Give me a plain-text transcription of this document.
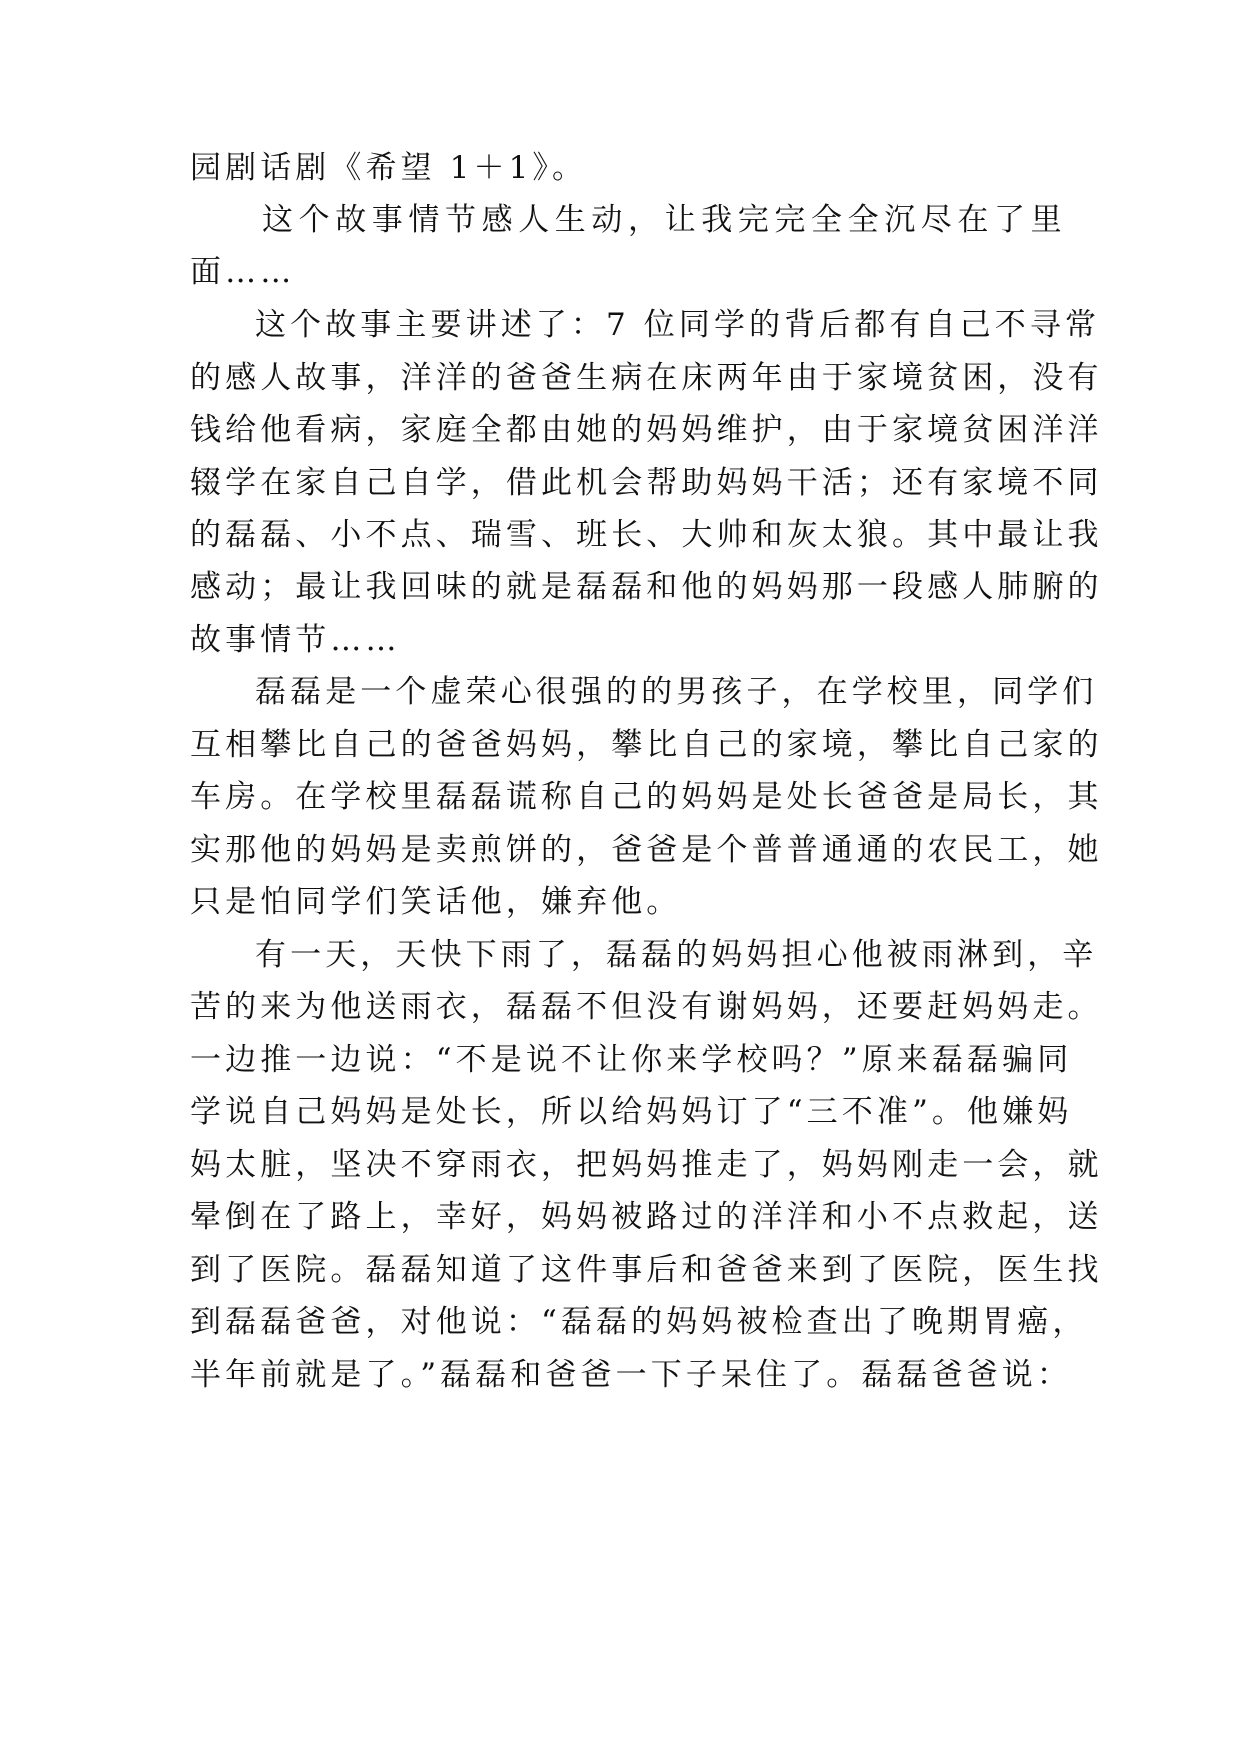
园剧话剧《希望 1＋1》。
这个故事情节感人生动，让我完完全全沉尽在了里
面……
这个故事主要讲述了：7 位同学的背后都有自己不寻常
的感人故事，洋洋的爸爸生病在床两年由于家境贫困，没有
钱给他看病，家庭全都由她的妈妈维护，由于家境贫困洋洋
辍学在家自己自学，借此机会帮助妈妈干活；还有家境不同
的磊磊、小不点、瑞雪、班长、大帅和灰太狼。其中最让我
感动；最让我回味的就是磊磊和他的妈妈那一段感人肺腑的
故事情节……
磊磊是一个虚荣心很强的的男孩子，在学校里，同学们
互相攀比自己的爸爸妈妈，攀比自己的家境，攀比自己家的
车房。在学校里磊磊谎称自己的妈妈是处长爸爸是局长，其
实那他的妈妈是卖煎饼的，爸爸是个普普通通的农民工，她
只是怕同学们笑话他，嫌弃他。
有一天，天快下雨了，磊磊的妈妈担心他被雨淋到，辛
苦的来为他送雨衣，磊磊不但没有谢妈妈，还要赶妈妈走。
一边推一边说：“不是说不让你来学校吗？”原来磊磊骗同
学说自己妈妈是处长，所以给妈妈订了“三不准”。他嫌妈
妈太脏，坚决不穿雨衣，把妈妈推走了，妈妈刚走一会，就
晕倒在了路上，幸好，妈妈被路过的洋洋和小不点救起，送
到了医院。磊磊知道了这件事后和爸爸来到了医院，医生找
到磊磊爸爸，对他说：“磊磊的妈妈被检查出了晚期胃癌，
半年前就是了。”磊磊和爸爸一下子呆住了。磊磊爸爸说：
